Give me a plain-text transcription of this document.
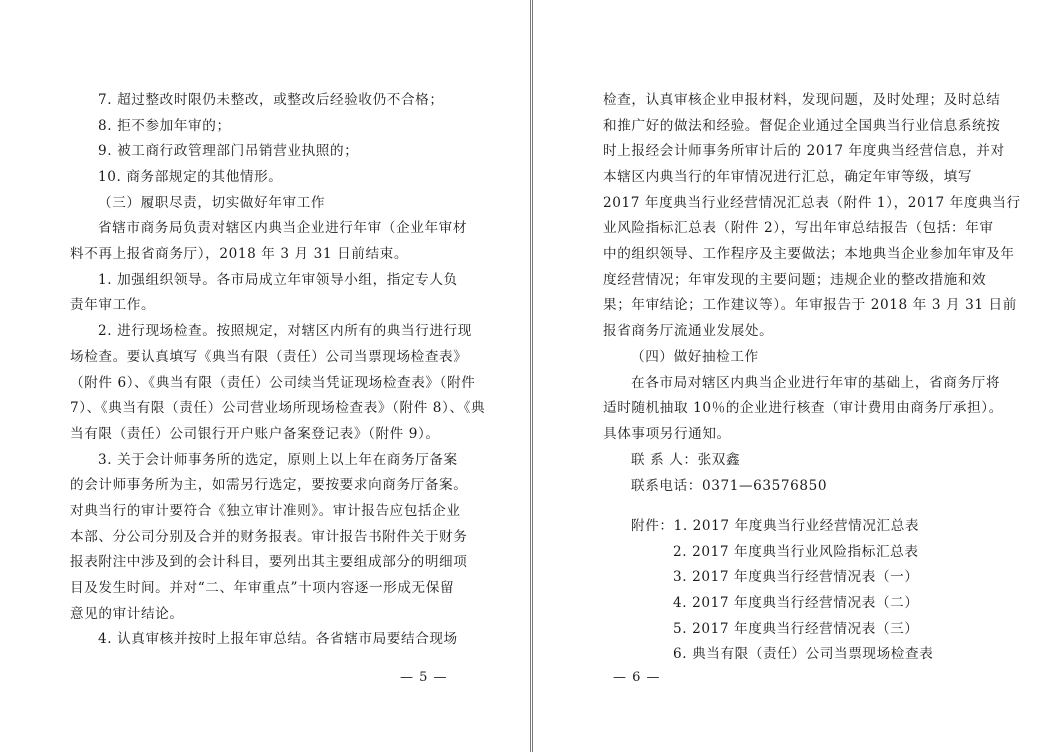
7. 超过整改时限仍未整改，或整改后经验收仍不合格；
8. 拒不参加年审的；
9. 被工商行政管理部门吊销营业执照的；
10. 商务部规定的其他情形。
（三）履职尽责，切实做好年审工作
省辖市商务局负责对辖区内典当企业进行年审（企业年审材
料不再上报省商务厅），2018 年 3 月 31 日前结束。
1. 加强组织领导。各市局成立年审领导小组，指定专人负
责年审工作。
2. 进行现场检查。按照规定，对辖区内所有的典当行进行现
场检查。要认真填写《典当有限（责任）公司当票现场检查表》
（附件 6）、《典当有限（责任）公司续当凭证现场检查表》（附件
7）、《典当有限（责任）公司营业场所现场检查表》（附件 8）、《典
当有限（责任）公司银行开户账户备案登记表》（附件 9）。
3. 关于会计师事务所的选定，原则上以上年在商务厅备案
的会计师事务所为主，如需另行选定，要按要求向商务厅备案。
对典当行的审计要符合《独立审计准则》。审计报告应包括企业
本部、分公司分别及合并的财务报表。审计报告书附件关于财务
报表附注中涉及到的会计科目，要列出其主要组成部分的明细项
目及发生时间。并对“二、年审重点”十项内容逐一形成无保留
意见的审计结论。
4. 认真审核并按时上报年审总结。各省辖市局要结合现场
— 5 —
检查，认真审核企业申报材料，发现问题，及时处理；及时总结
和推广好的做法和经验。督促企业通过全国典当行业信息系统按
时上报经会计师事务所审计后的 2017 年度典当经营信息，并对
本辖区内典当行的年审情况进行汇总，确定年审等级，填写
2017 年度典当行业经营情况汇总表（附件 1），2017 年度典当行
业风险指标汇总表（附件 2），写出年审总结报告（包括：年审
中的组织领导、工作程序及主要做法；本地典当企业参加年审及年
度经营情况；年审发现的主要问题；违规企业的整改措施和效
果；年审结论；工作建议等）。年审报告于 2018 年 3 月 31 日前
报省商务厅流通业发展处。
（四）做好抽检工作
在各市局对辖区内典当企业进行年审的基础上，省商务厅将
适时随机抽取 10％的企业进行核查（审计费用由商务厅承担）。
具体事项另行通知。
联 系 人：张双鑫
联系电话：0371—63576850
附件：1. 2017 年度典当行业经营情况汇总表
2. 2017 年度典当行业风险指标汇总表
3. 2017 年度典当行经营情况表（一）
4. 2017 年度典当行经营情况表（二）
5. 2017 年度典当行经营情况表（三）
6. 典当有限（责任）公司当票现场检查表
— 6 —
